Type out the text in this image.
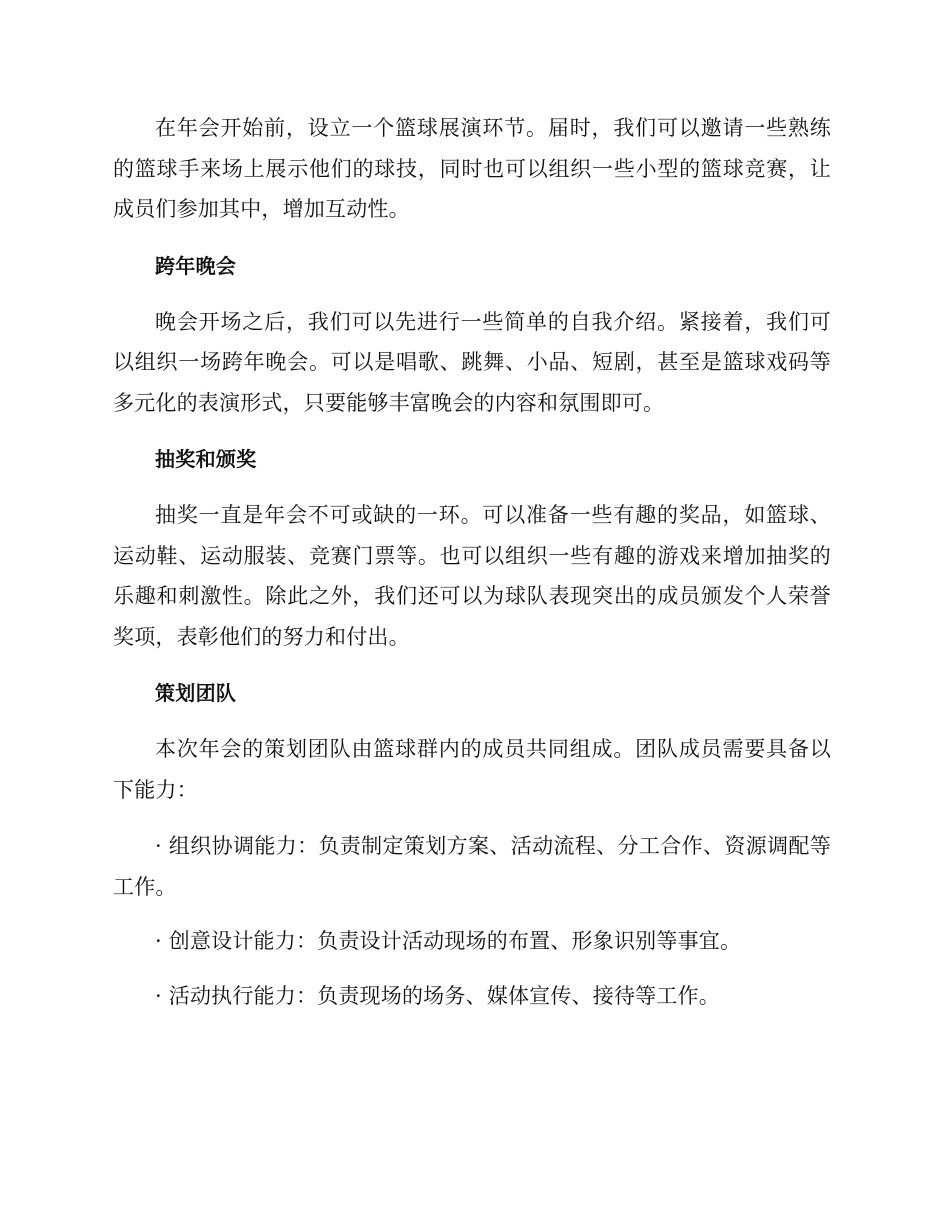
在年会开始前，设立一个篮球展演环节。届时，我们可以邀请一些熟练的篮球手来场上展示他们的球技，同时也可以组织一些小型的篮球竞赛，让成员们参加其中，增加互动性。

跨年晚会

晚会开场之后，我们可以先进行一些简单的自我介绍。紧接着，我们可以组织一场跨年晚会。可以是唱歌、跳舞、小品、短剧，甚至是篮球戏码等多元化的表演形式，只要能够丰富晚会的内容和氛围即可。

抽奖和颁奖

抽奖一直是年会不可或缺的一环。可以准备一些有趣的奖品，如篮球、运动鞋、运动服装、竞赛门票等。也可以组织一些有趣的游戏来增加抽奖的乐趣和刺激性。除此之外，我们还可以为球队表现突出的成员颁发个人荣誉奖项，表彰他们的努力和付出。

策划团队

本次年会的策划团队由篮球群内的成员共同组成。团队成员需要具备以下能力：

· 组织协调能力：负责制定策划方案、活动流程、分工合作、资源调配等工作。

· 创意设计能力：负责设计活动现场的布置、形象识别等事宜。

· 活动执行能力：负责现场的场务、媒体宣传、接待等工作。
